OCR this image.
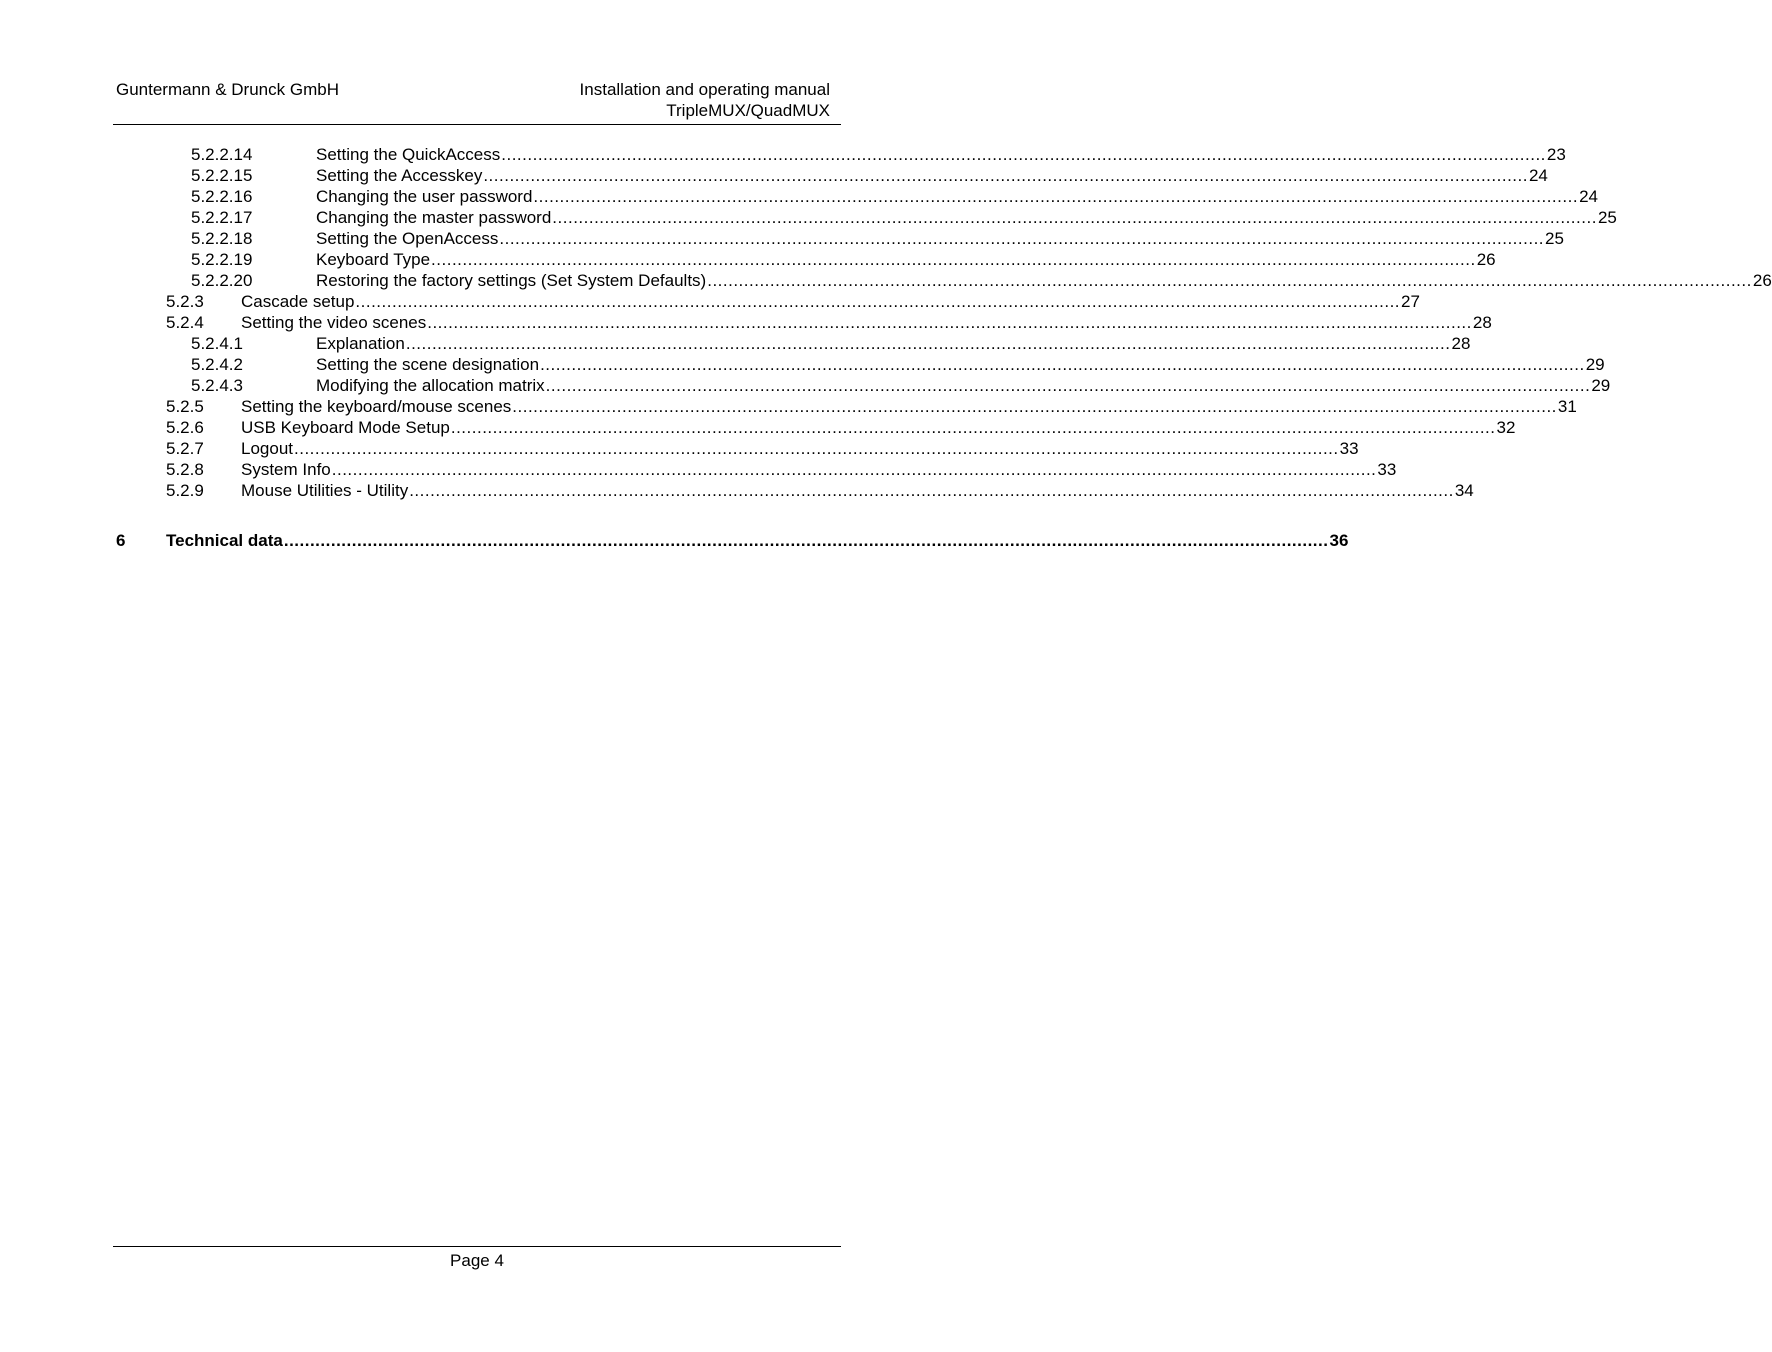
Guntermann & Drunck GmbH	Installation and operating manual
TripleMUX/QuadMUX
Page 4
5.2.2.14	Setting the QuickAccess ........................................................................................................................................................................................................ 23
5.2.2.15	Setting the Accesskey ........................................................................................................................................................................................................ 24
5.2.2.16	Changing the user password ........................................................................................................................................................................................................ 24
5.2.2.17	Changing the master password ........................................................................................................................................................................................................ 25
5.2.2.18	Setting the OpenAccess ........................................................................................................................................................................................................ 25
5.2.2.19	Keyboard Type ........................................................................................................................................................................................................ 26
5.2.2.20	Restoring the factory settings (Set System Defaults) ........................................................................................................................................................................................................ 26
5.2.3 Cascade setup ........................................................................................................................................................................................................ 27
5.2.4 Setting the video scenes ........................................................................................................................................................................................................ 28
5.2.4.1	Explanation ........................................................................................................................................................................................................ 28
5.2.4.2	Setting the scene designation ........................................................................................................................................................................................................ 29
5.2.4.3	Modifying the allocation matrix ........................................................................................................................................................................................................ 29
5.2.5 Setting the keyboard/mouse scenes ........................................................................................................................................................................................................ 31
5.2.6 USB Keyboard Mode Setup ........................................................................................................................................................................................................ 32
5.2.7 Logout ........................................................................................................................................................................................................ 33
5.2.8 System Info ........................................................................................................................................................................................................ 33
5.2.9 Mouse Utilities - Utility ........................................................................................................................................................................................................ 34
6 Technical data ........................................................................................................................................................................................................ 36
